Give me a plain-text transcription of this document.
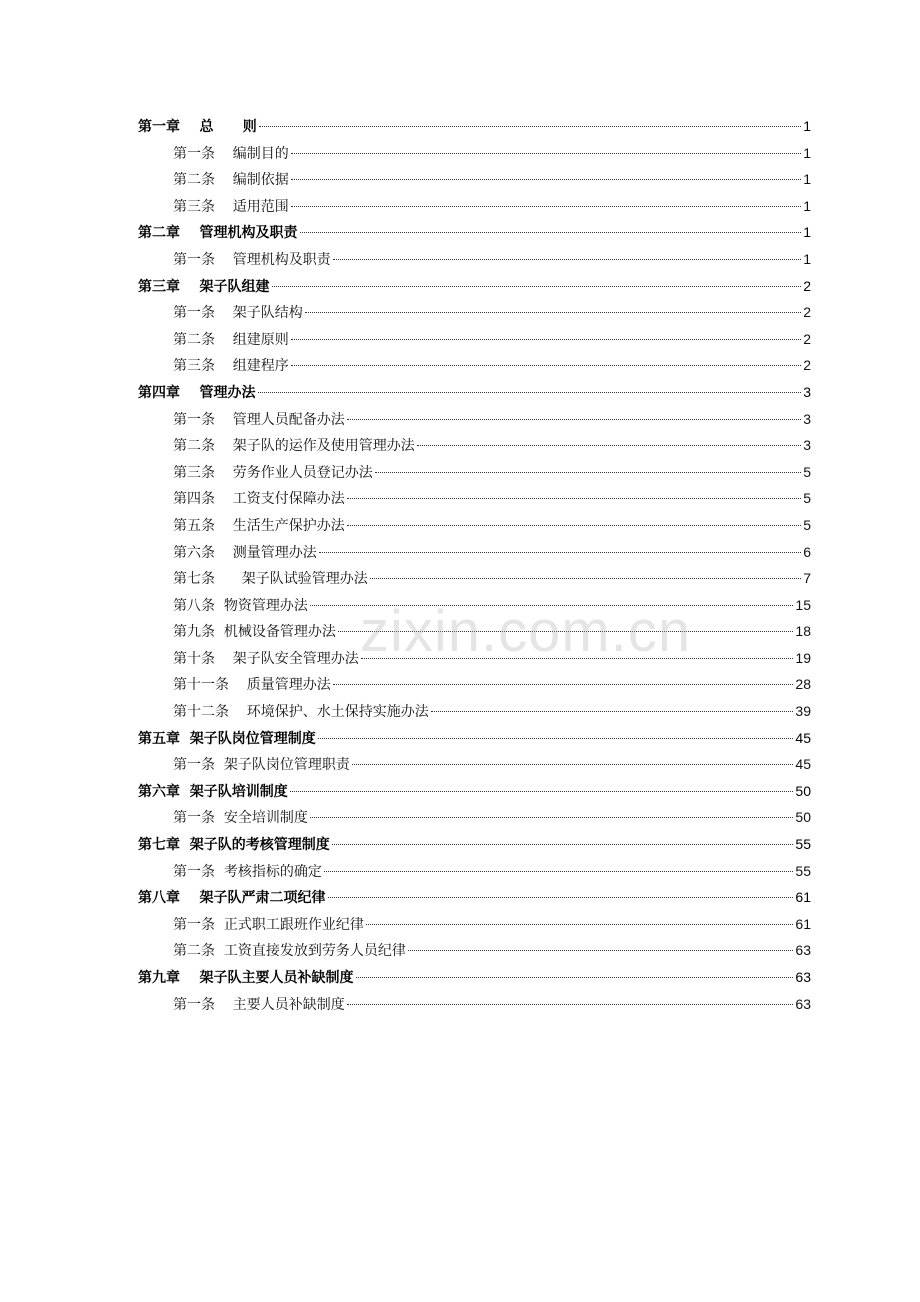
第一章    总      则	1
第一条    编制目的	1
第二条    编制依据	1
第三条    适用范围	1
第二章    管理机构及职责	1
第一条    管理机构及职责	1
第三章    架子队组建	2
第一条    架子队结构	2
第二条    组建原则	2
第三条    组建程序	2
第四章    管理办法	3
第一条    管理人员配备办法	3
第二条    架子队的运作及使用管理办法	3
第三条    劳务作业人员登记办法	5
第四条    工资支付保障办法	5
第五条    生活生产保护办法	5
第六条    测量管理办法	6
第七条      架子队试验管理办法	7
第八条  物资管理办法	15
第九条  机械设备管理办法	18
第十条    架子队安全管理办法	19
第十一条    质量管理办法	28
第十二条    环境保护、水土保持实施办法	39
第五章  架子队岗位管理制度	45
第一条  架子队岗位管理职责	45
第六章  架子队培训制度	50
第一条  安全培训制度	50
第七章  架子队的考核管理制度	55
第一条  考核指标的确定	55
第八章    架子队严肃二项纪律	61
第一条  正式职工跟班作业纪律	61
第二条  工资直接发放到劳务人员纪律	63
第九章    架子队主要人员补缺制度	63
第一条    主要人员补缺制度	63
zixin.com.cn
